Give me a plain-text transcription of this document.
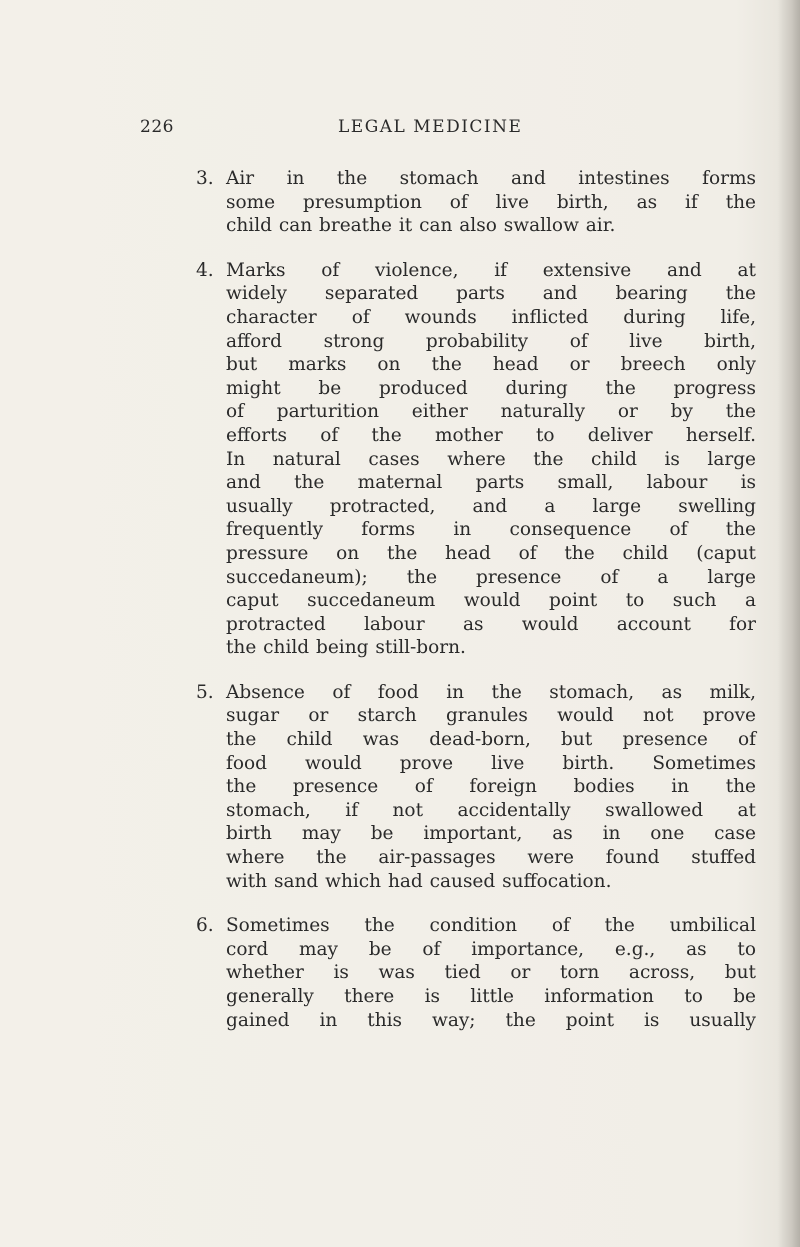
226	LEGAL MEDICINE
3. Air in the stomach and intestines forms
some presumption of live birth, as if the
child can breathe it can also swallow air.
4. Marks of violence, if extensive and at
widely separated parts and bearing the
character of wounds inflicted during life,
afford strong probability of live birth,
but marks on the head or breech only
might be produced during the progress
of parturition either naturally or by the
efforts of the mother to deliver herself.
In natural cases where the child is large
and the maternal parts small, labour is
usually protracted, and a large swelling
frequently forms in consequence of the
pressure on the head of the child (caput
succedaneum); the presence of a large
caput succedaneum would point to such a
protracted labour as would account for
the child being still-born.
5. Absence of food in the stomach, as milk,
sugar or starch granules would not prove
the child was dead-born, but presence of
food would prove live birth. Sometimes
the presence of foreign bodies in the
stomach, if not accidentally swallowed at
birth may be important, as in one case
where the air-passages were found stuffed
with sand which had caused suffocation.
6. Sometimes the condition of the umbilical
cord may be of importance, e.g., as to
whether is was tied or torn across, but
generally there is little information to be
gained in this way; the point is usually
